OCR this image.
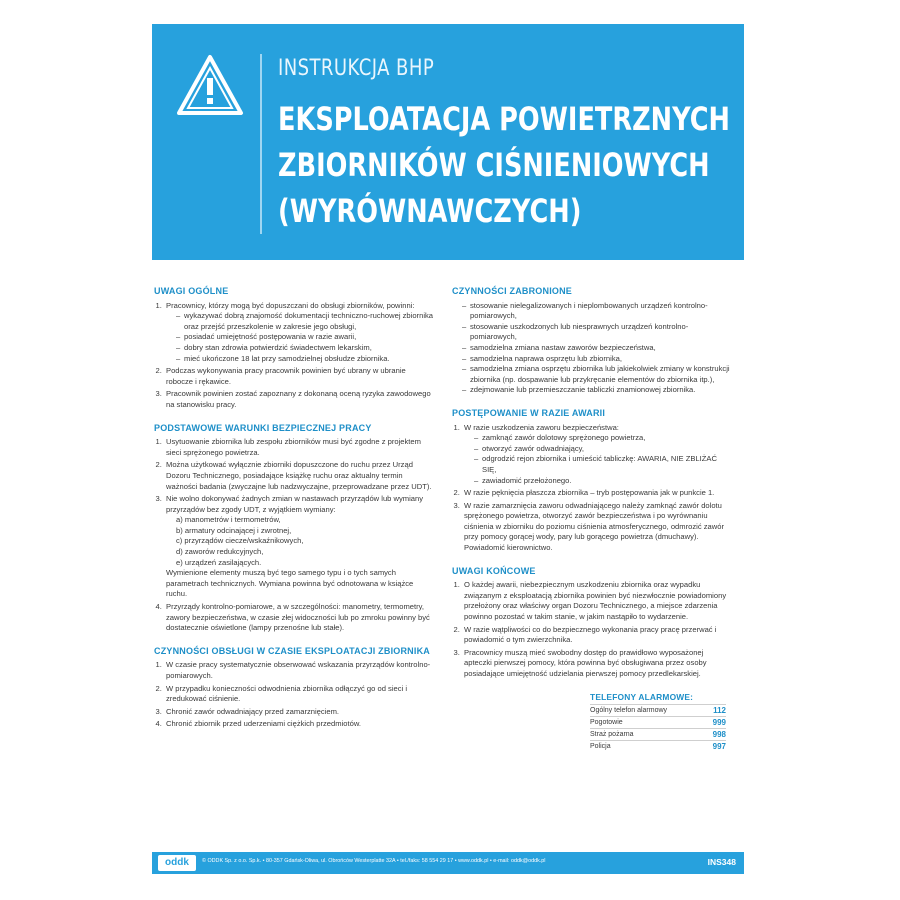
INSTRUKCJA BHP
EKSPLOATACJA POWIETRZNYCH
ZBIORNIKÓW CIŚNIENIOWYCH
(WYRÓWNAWCZYCH)
UWAGI OGÓLNE
1. Pracownicy, którzy mogą być dopuszczani do obsługi zbiorników, powinni:
– wykazywać dobrą znajomość dokumentacji techniczno-ruchowej zbiornika oraz przejść przeszkolenie w zakresie jego obsługi,
– posiadać umiejętność postępowania w razie awarii,
– dobry stan zdrowia potwierdzić świadectwem lekarskim,
– mieć ukończone 18 lat przy samodzielnej obsłudze zbiornika.
2. Podczas wykonywania pracy pracownik powinien być ubrany w ubranie robocze i rękawice.
3. Pracownik powinien zostać zapoznany z dokonaną oceną ryzyka zawodowego na stanowisku pracy.
PODSTAWOWE WARUNKI BEZPIECZNEJ PRACY
1. Usytuowanie zbiornika lub zespołu zbiorników musi być zgodne z projektem sieci sprężonego powietrza.
2. Można użytkować wyłącznie zbiorniki dopuszczone do ruchu przez Urząd Dozoru Technicznego, posiadające książkę ruchu oraz aktualny termin ważności badania (zwyczajne lub nadzwyczajne, przeprowadzane przez UDT).
3. Nie wolno dokonywać żadnych zmian w nastawach przyrządów lub wymiany przyrządów bez zgody UDT, z wyjątkiem wymiany:
a) manometrów i termometrów,
b) armatury odcinającej i zwrotnej,
c) przyrządów ciecze/wskaźnikowych,
d) zaworów redukcyjnych,
e) urządzeń zasilających.
Wymienione elementy muszą być tego samego typu i o tych samych parametrach technicznych. Wymiana powinna być odnotowana w książce ruchu.
4. Przyrządy kontrolno-pomiarowe, a w szczególności: manometry, termometry, zawory bezpieczeństwa, w czasie złej widoczności lub po zmroku powinny być dostatecznie oświetlone (lampy przenośne lub stałe).
CZYNNOŚCI OBSŁUGI W CZASIE EKSPLOATACJI ZBIORNIKA
1. W czasie pracy systematycznie obserwować wskazania przyrządów kontrolno-pomiarowych.
2. W przypadku konieczności odwodnienia zbiornika odłączyć go od sieci i zredukować ciśnienie.
3. Chronić zawór odwadniający przed zamarznięciem.
4. Chronić zbiornik przed uderzeniami ciężkich przedmiotów.
CZYNNOŚCI ZABRONIONE
– stosowanie nielegalizowanych i nieplombowanych urządzeń kontrolno-pomiarowych,
– stosowanie uszkodzonych lub niesprawnych urządzeń kontrolno-pomiarowych,
– samodzielna zmiana nastaw zaworów bezpieczeństwa,
– samodzielna naprawa osprzętu lub zbiornika,
– samodzielna zmiana osprzętu zbiornika lub jakiekolwiek zmiany w konstrukcji zbiornika (np. dospawanie lub przykręcanie elementów do zbiornika itp.),
– zdejmowanie lub przemieszczanie tabliczki znamionowej zbiornika.
POSTĘPOWANIE W RAZIE AWARII
1. W razie uszkodzenia zaworu bezpieczeństwa:
– zamknąć zawór dolotowy sprężonego powietrza,
– otworzyć zawór odwadniający,
– odgrodzić rejon zbiornika i umieścić tabliczkę: AWARIA, NIE ZBLIŻAĆ SIĘ,
– zawiadomić przełożonego.
2. W razie pęknięcia płaszcza zbiornika – tryb postępowania jak w punkcie 1.
3. W razie zamarznięcia zaworu odwadniającego należy zamknąć zawór dolotu sprężonego powietrza, otworzyć zawór bezpieczeństwa i po wyrównaniu ciśnienia w zbiorniku do poziomu ciśnienia atmosferycznego, odmrozić zawór przy pomocy gorącej wody, pary lub gorącego powietrza (dmuchawy). Powiadomić kierownictwo.
UWAGI KOŃCOWE
1. O każdej awarii, niebezpiecznym uszkodzeniu zbiornika oraz wypadku związanym z eksploatacją zbiornika powinien być niezwłocznie powiadomiony przełożony oraz właściwy organ Dozoru Technicznego, a miejsce zdarzenia powinno pozostać w takim stanie, w jakim nastąpiło to wydarzenie.
2. W razie wątpliwości co do bezpiecznego wykonania pracy pracę przerwać i powiadomić o tym zwierzchnika.
3. Pracownicy muszą mieć swobodny dostęp do prawidłowo wyposażonej apteczki pierwszej pomocy, która powinna być obsługiwana przez osoby posiadające umiejętność udzielania pierwszej pomocy przedlekarskiej.
TELEFONY ALARMOWE:
Ogólny telefon alarmowy	112
Pogotowie	999
Straż pożarna	998
Policja	997
oddk	© ODDK Sp. z o.o. Sp.k. • 80-357 Gdańsk-Oliwa, ul. Obrońców Westerplatte 32A • tel./faks: 58 554 29 17 • www.oddk.pl • e-mail: oddk@oddk.pl	INS348
